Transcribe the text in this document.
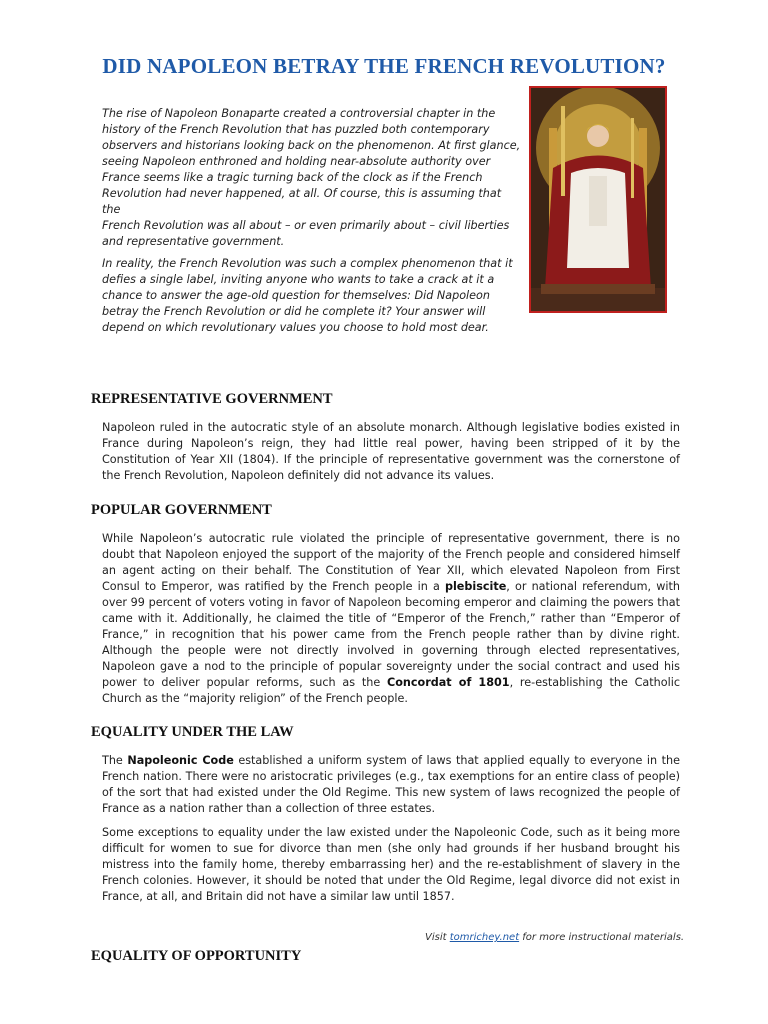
DID NAPOLEON BETRAY THE FRENCH REVOLUTION?

The rise of Napoleon Bonaparte created a controversial chapter in the history of the French Revolution that has puzzled both contemporary observers and historians looking back on the phenomenon. At first glance,
seeing Napoleon enthroned and holding near-absolute authority over France seems like a tragic turning back of the clock as if the French Revolution had never happened, at all. Of course, this is assuming that the
French Revolution was all about – or even primarily about – civil liberties and representative government.

In reality, the French Revolution was such a complex phenomenon that it defies a single label, inviting anyone who wants to take a crack at it a chance to answer the age-old question for themselves: Did Napoleon betray the French Revolution or did he complete it? Your answer will depend on which revolutionary values you choose to hold most dear.

REPRESENTATIVE GOVERNMENT

Napoleon ruled in the autocratic style of an absolute monarch. Although legislative bodies existed in France during Napoleon’s reign, they had little real power, having been stripped of it by the Constitution of Year XII (1804). If the principle of representative government was the cornerstone of the French Revolution, Napoleon definitely did not advance its values.

POPULAR GOVERNMENT

While Napoleon’s autocratic rule violated the principle of representative government, there is no doubt that Napoleon enjoyed the support of the majority of the French people and considered himself an agent acting on their behalf. The Constitution of Year XII, which elevated Napoleon from First Consul to Emperor, was ratified by the French people in a plebiscite, or national referendum, with over 99 percent of voters voting in favor of Napoleon becoming emperor and claiming the powers that came with it. Additionally, he claimed the title of “Emperor of the French,” rather than “Emperor of France,” in recognition that his power came from the French people rather than by divine right. Although the people were not directly involved in governing through elected representatives, Napoleon gave a nod to the principle of popular sovereignty under the social contract and used his power to deliver popular reforms, such as the Concordat of 1801, re-establishing the Catholic Church as the “majority religion” of the French people.

EQUALITY UNDER THE LAW

The Napoleonic Code established a uniform system of laws that applied equally to everyone in the French nation. There were no aristocratic privileges (e.g., tax exemptions for an entire class of people) of the sort that had existed under the Old Regime. This new system of laws recognized the people of France as a nation rather than a collection of three estates.

Some exceptions to equality under the law existed under the Napoleonic Code, such as it being more difficult for women to sue for divorce than men (she only had grounds if her husband brought his mistress into the family home, thereby embarrassing her) and the re-establishment of slavery in the French colonies. However, it should be noted that under the Old Regime, legal divorce did not exist in France, at all, and Britain did not have a similar law until 1857.

Visit tomrichey.net for more instructional materials.
EQUALITY OF OPPORTUNITY
